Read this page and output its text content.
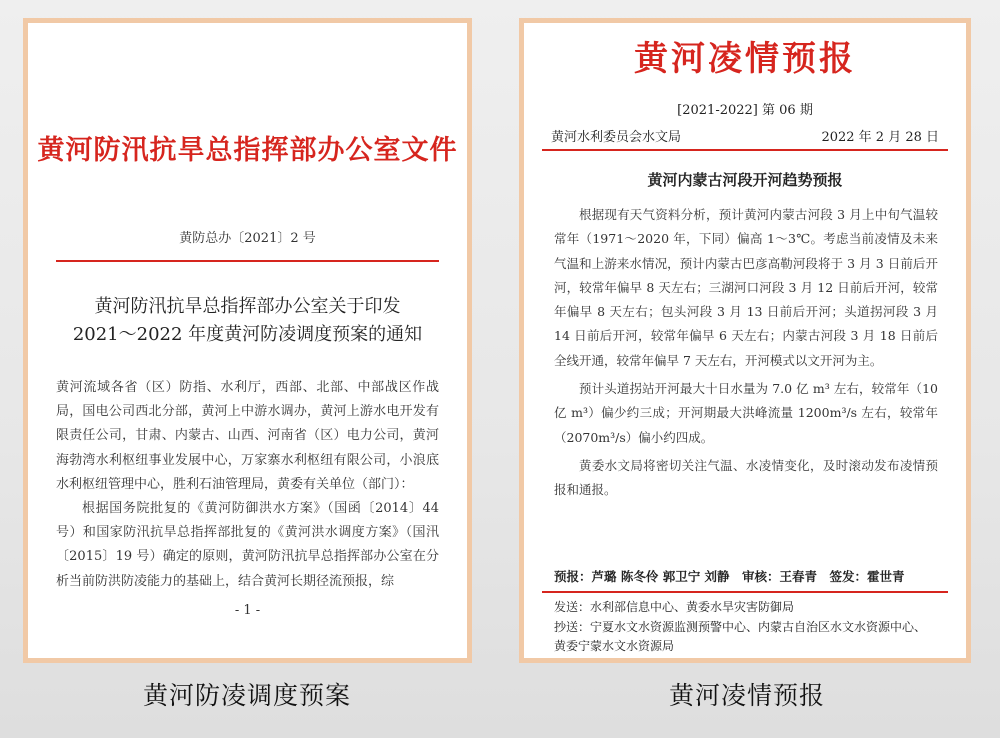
黄河防汛抗旱总指挥部办公室文件
黄防总办〔2021〕2 号
黄河防汛抗旱总指挥部办公室关于印发
2021～2022 年度黄河防凌调度预案的通知

黄河流域各省（区）防指、水利厅，西部、北部、中部战区作战局，国电公司西北分部，黄河上中游水调办，黄河上游水电开发有限责任公司，甘肃、内蒙古、山西、河南省（区）电力公司，黄河海勃湾水利枢纽事业发展中心，万家寨水利枢纽有限公司，小浪底水利枢纽管理中心，胜利石油管理局，黄委有关单位（部门）：

根据国务院批复的《黄河防御洪水方案》（国函〔2014〕44 号）和国家防汛抗旱总指挥部批复的《黄河洪水调度方案》（国汛〔2015〕19 号）确定的原则，黄河防汛抗旱总指挥部办公室在分析当前防洪防凌能力的基础上，结合黄河长期径流预报，综

- 1 -
黄河凌情预报
[2021-2022] 第 06 期
黄河水利委员会水文局	2022 年 2 月 28 日
黄河内蒙古河段开河趋势预报

根据现有天气资料分析，预计黄河内蒙古河段 3 月上中旬气温较常年（1971～2020 年，下同）偏高 1～3℃。考虑当前凌情及未来气温和上游来水情况，预计内蒙古巴彦高勒河段将于 3 月 3 日前后开河，较常年偏早 8 天左右；三湖河口河段 3 月 12 日前后开河，较常年偏早 8 天左右；包头河段 3 月 13 日前后开河；头道拐河段 3 月 14 日前后开河，较常年偏早 6 天左右；内蒙古河段 3 月 18 日前后全线开通，较常年偏早 7 天左右，开河模式以文开河为主。

预计头道拐站开河最大十日水量为 7.0 亿 m³ 左右，较常年（10 亿 m³）偏少约三成；开河期最大洪峰流量 1200m³/s 左右，较常年（2070m³/s）偏小约四成。

黄委水文局将密切关注气温、水凌情变化，及时滚动发布凌情预报和通报。

预报：芦璐 陈冬伶 郭卫宁 刘静　审核：王春青　签发：霍世青

发送：水利部信息中心、黄委水旱灾害防御局

抄送：宁夏水文水资源监测预警中心、内蒙古自治区水文水资源中心、

黄委宁蒙水文水资源局

黄河防凌调度预案	黄河凌情预报
